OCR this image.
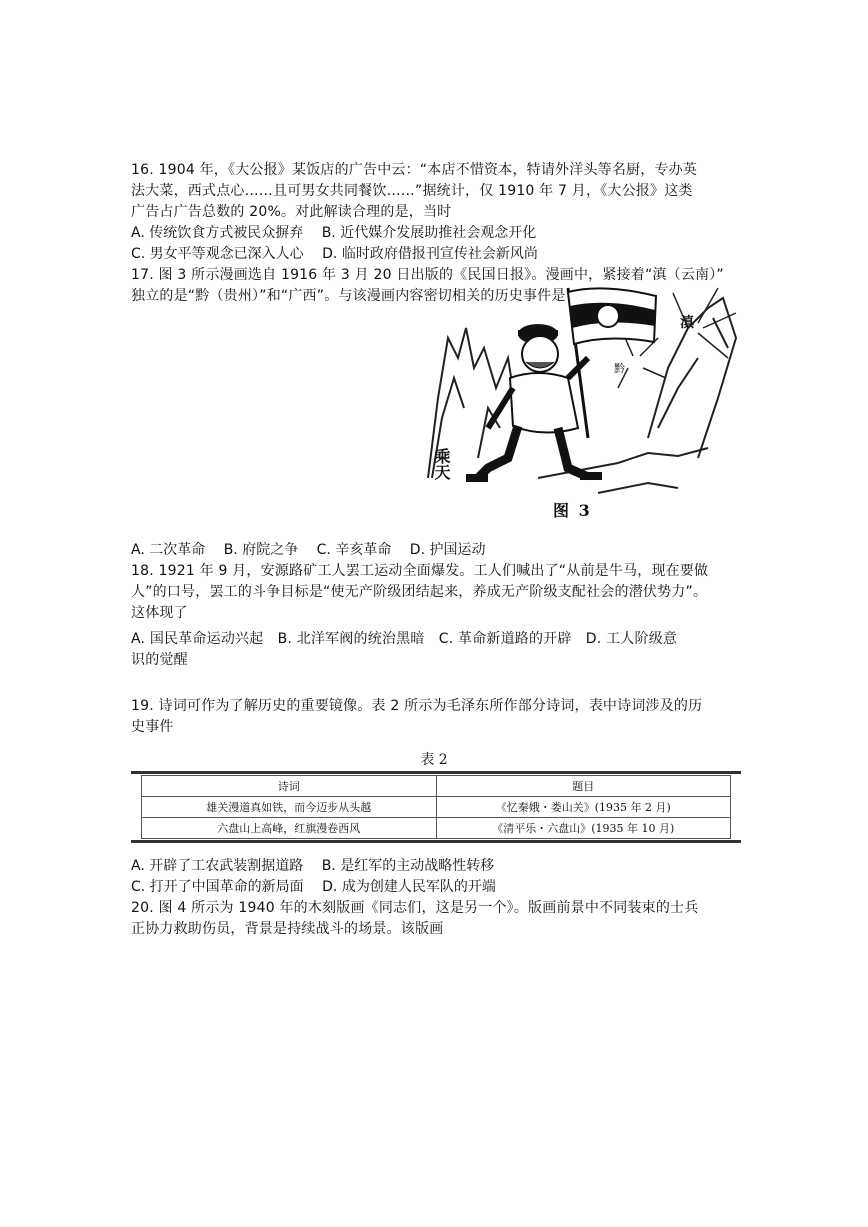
16. 1904 年，《大公报》某饭店的广告中云：“本店不惜资本，特请外洋头等名厨，专办英
法大菜，西式点心……且可男女共同餐饮……”据统计，仅 1910 年 7 月，《大公报》这类
广告占广告总数的 20%。对此解读合理的是，当时
A. 传统饮食方式被民众摒弃 B. 近代媒介发展助推社会观念开化
C. 男女平等观念已深入人心 D. 临时政府借报刊宣传社会新风尚
17. 图 3 所示漫画选自 1916 年 3 月 20 日出版的《民国日报》。漫画中，紧接着“滇（云南）”
独立的是“黔（贵州）”和“广西”。与该漫画内容密切相关的历史事件是
滇
黔
乘天
图 3
A. 二次革命 B. 府院之争 C. 辛亥革命 D. 护国运动
18. 1921 年 9 月，安源路矿工人罢工运动全面爆发。工人们喊出了“从前是牛马，现在要做
人”的口号，罢工的斗争目标是“使无产阶级团结起来，养成无产阶级支配社会的潜伏势力”。
这体现了
A. 国民革命运动兴起　B. 北洋军阀的统治黑暗　C. 革命新道路的开辟　D. 工人阶级意
识的觉醒
19. 诗词可作为了解历史的重要镜像。表 2 所示为毛泽东所作部分诗词，表中诗词涉及的历
史事件
表 2
诗词	题目
雄关漫道真如铁，而今迈步从头越	《忆秦娥・娄山关》(1935 年 2 月)
六盘山上高峰，红旗漫卷西风	《清平乐・六盘山》(1935 年 10 月)
A. 开辟了工农武装割据道路 B. 是红军的主动战略性转移
C. 打开了中国革命的新局面 D. 成为创建人民军队的开端
20. 图 4 所示为 1940 年的木刻版画《同志们，这是另一个》。版画前景中不同装束的士兵
正协力救助伤员，背景是持续战斗的场景。该版画
